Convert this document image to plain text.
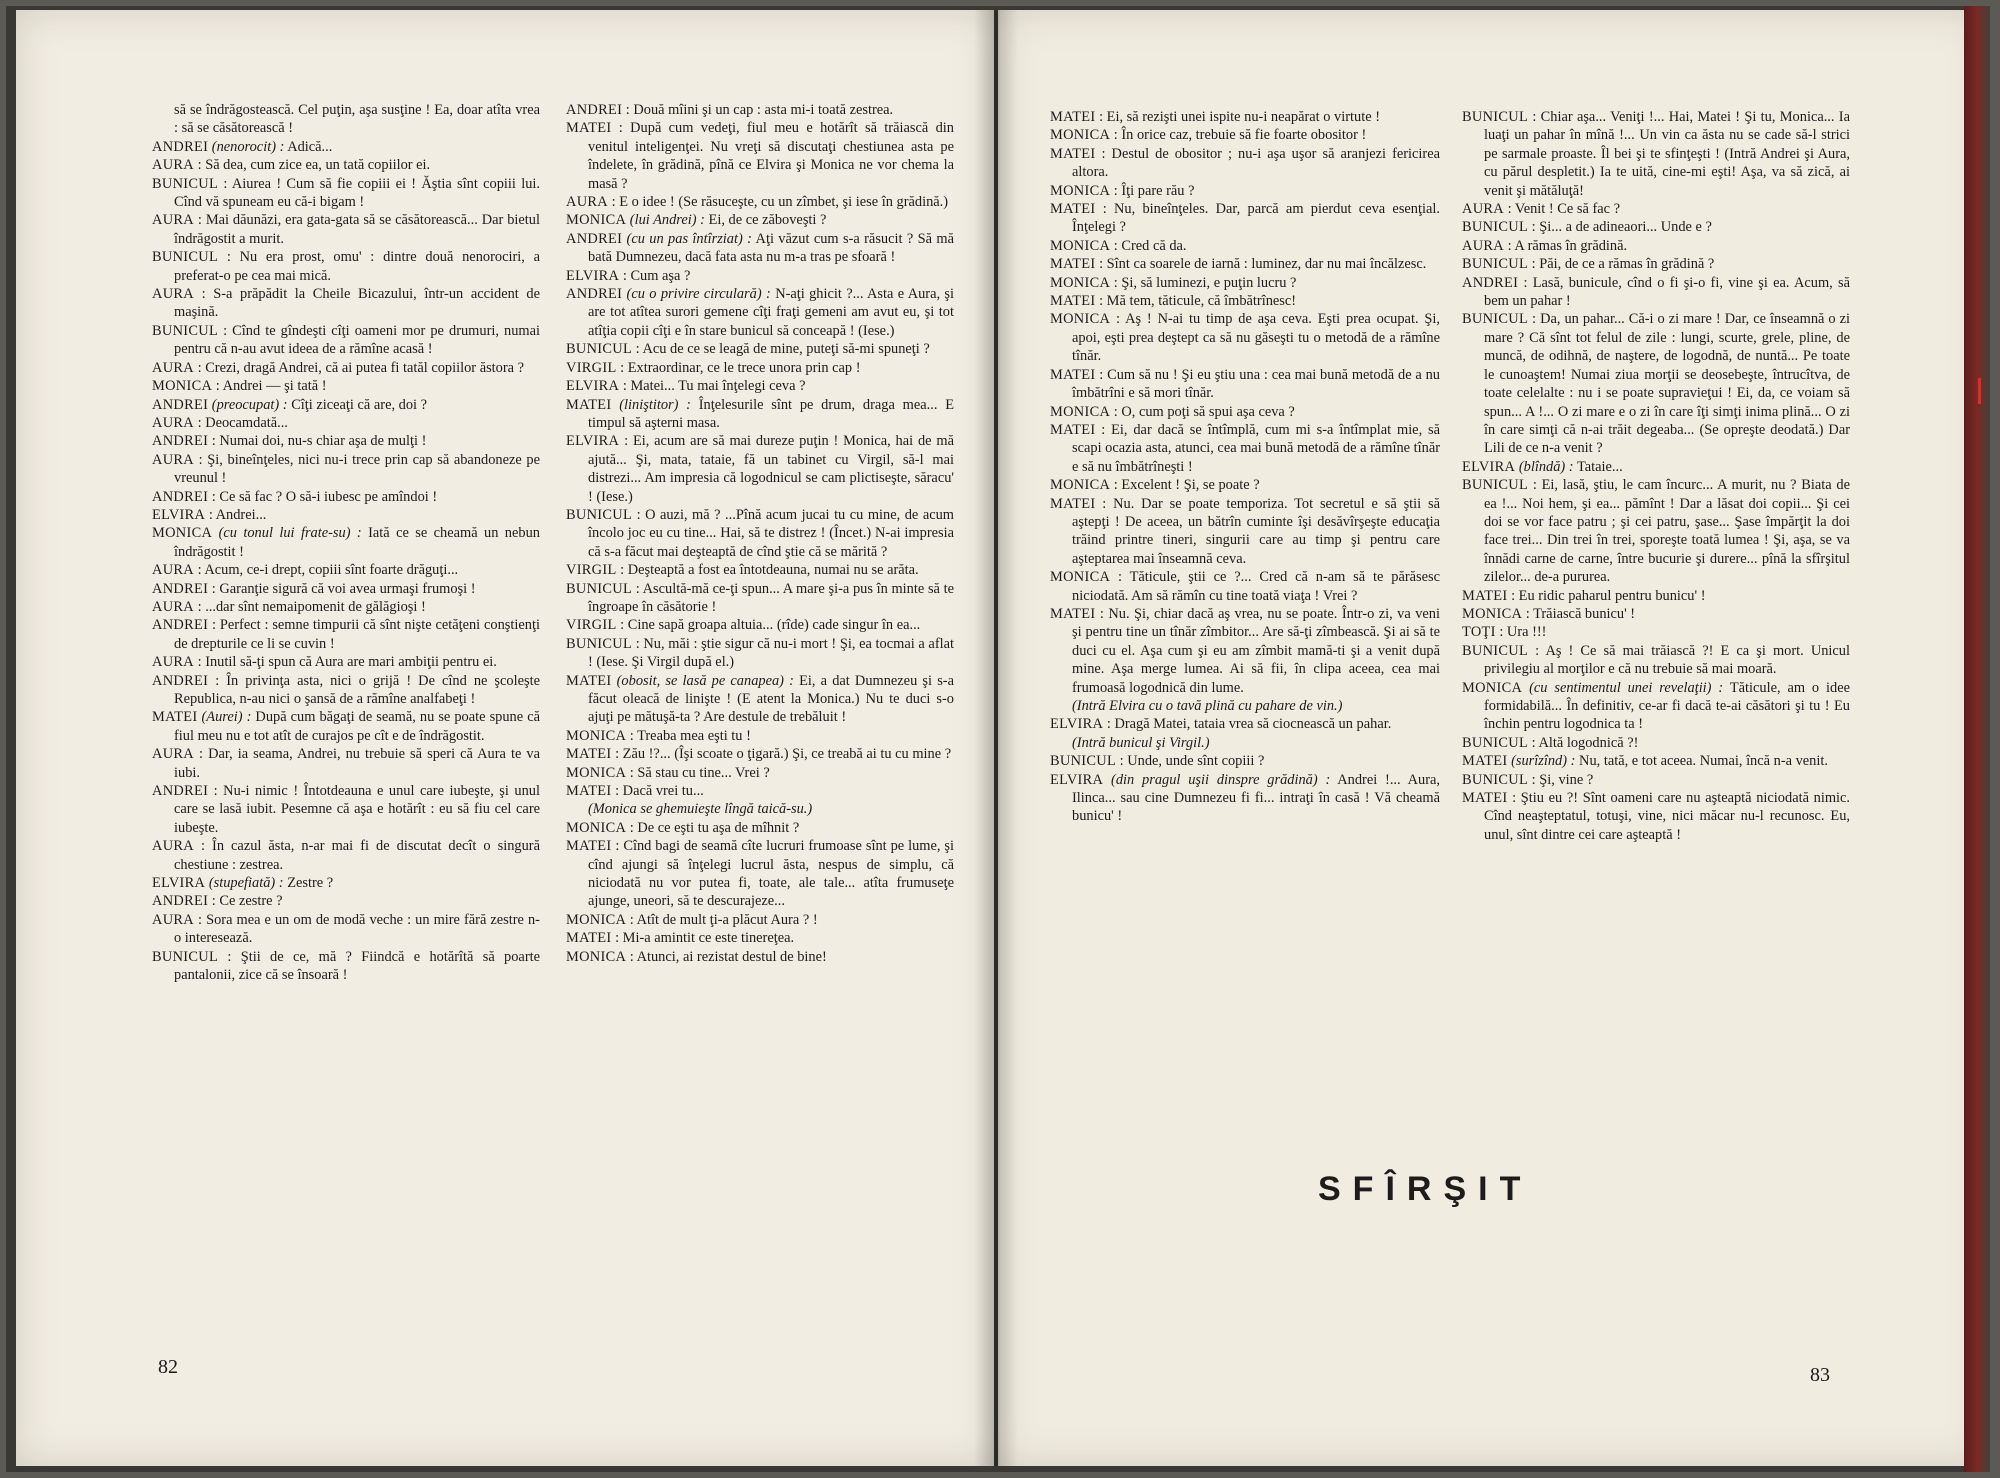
să se îndrăgostească. Cel puţin, aşa susţine ! Ea, doar atîta vrea : să se căsătorească !

ANDREI (nenorocit) : Adică...

AURA : Să dea, cum zice ea, un tată copiilor ei.

BUNICUL : Aiurea ! Cum să fie copiii ei ! Ăştia sînt copiii lui. Cînd vă spuneam eu că-i bigam !

AURA : Mai dăunăzi, era gata-gata să se căsătorească... Dar bietul îndrăgostit a murit.

BUNICUL : Nu era prost, omu' : dintre două nenorociri, a preferat-o pe cea mai mică.

AURA : S-a prăpădit la Cheile Bicazului, într-un accident de maşină.

BUNICUL : Cînd te gîndeşti cîţi oameni mor pe drumuri, numai pentru că n-au avut ideea de a rămîne acasă !

AURA : Crezi, dragă Andrei, că ai putea fi tatăl copiilor ăstora ?

MONICA : Andrei — şi tată !

ANDREI (preocupat) : Cîţi ziceaţi că are, doi ?

AURA : Deocamdată...

ANDREI : Numai doi, nu-s chiar aşa de mulţi !

AURA : Şi, bineînţeles, nici nu-i trece prin cap să abandoneze pe vreunul !

ANDREI : Ce să fac ? O să-i iubesc pe amîndoi !

ELVIRA : Andrei...

MONICA (cu tonul lui frate-su) : Iată ce se cheamă un nebun îndrăgostit !

AURA : Acum, ce-i drept, copiii sînt foarte drăguţi...

ANDREI : Garanţie sigură că voi avea urmaşi frumoşi !

AURA : ...dar sînt nemaipomenit de gălăgioşi !

ANDREI : Perfect : semne timpurii că sînt nişte cetăţeni conştienţi de drepturile ce li se cuvin !

AURA : Inutil să-ţi spun că Aura are mari ambiţii pentru ei.

ANDREI : În privinţa asta, nici o grijă ! De cînd ne şcoleşte Republica, n-au nici o şansă de a rămîne analfabeţi !

MATEI (Aurei) : După cum băgaţi de seamă, nu se poate spune că fiul meu nu e tot atît de curajos pe cît e de îndrăgostit.

AURA : Dar, ia seama, Andrei, nu trebuie să speri că Aura te va iubi.

ANDREI : Nu-i nimic ! Întotdeauna e unul care iubeşte, şi unul care se lasă iubit. Pesemne că aşa e hotărît : eu să fiu cel care iubeşte.

AURA : În cazul ăsta, n-ar mai fi de discutat decît o singură chestiune : zestrea.

ELVIRA (stupefiată) : Zestre ?

ANDREI : Ce zestre ?

AURA : Sora mea e un om de modă veche : un mire fără zestre n-o interesează.

BUNICUL : Ştii de ce, mă ? Fiindcă e hotărîtă să poarte pantalonii, zice că se însoară !

ANDREI : Două mîini şi un cap : asta mi-i toată zestrea.

MATEI : După cum vedeţi, fiul meu e hotărît să trăiască din venitul inteligenţei. Nu vreţi să discutaţi chestiunea asta pe îndelete, în grădină, pînă ce Elvira şi Monica ne vor chema la masă ?

AURA : E o idee ! (Se răsuceşte, cu un zîmbet, şi iese în grădină.)

MONICA (lui Andrei) : Ei, de ce zăboveşti ?

ANDREI (cu un pas întîrziat) : Aţi văzut cum s-a răsucit ? Să mă bată Dumnezeu, dacă fata asta nu m-a tras pe sfoară !

ELVIRA : Cum aşa ?

ANDREI (cu o privire circulară) : N-aţi ghicit ?... Asta e Aura, şi are tot atîtea surori gemene cîţi fraţi gemeni am avut eu, şi tot atîţia copii cîţi e în stare bunicul să conceapă ! (Iese.)

BUNICUL : Acu de ce se leagă de mine, puteţi să-mi spuneţi ?

VIRGIL : Extraordinar, ce le trece unora prin cap !

ELVIRA : Matei... Tu mai înţelegi ceva ?

MATEI (liniştitor) : Înţelesurile sînt pe drum, draga mea... E timpul să aşterni masa.

ELVIRA : Ei, acum are să mai dureze puţin ! Monica, hai de mă ajută... Şi, mata, tataie, fă un tabinet cu Virgil, să-l mai distrezi... Am impresia că logodnicul se cam plictiseşte, săracu' ! (Iese.)

BUNICUL : O auzi, mă ? ...Pînă acum jucai tu cu mine, de acum încolo joc eu cu tine... Hai, să te distrez ! (Încet.) N-ai impresia că s-a făcut mai deşteaptă de cînd ştie că se mărită ?

VIRGIL : Deşteaptă a fost ea întotdeauna, numai nu se arăta.

BUNICUL : Ascultă-mă ce-ţi spun... A mare şi-a pus în minte să te îngroape în căsătorie !

VIRGIL : Cine sapă groapa altuia... (rîde) cade singur în ea...

BUNICUL : Nu, măi : ştie sigur că nu-i mort ! Şi, ea tocmai a aflat ! (Iese. Şi Virgil după el.)

MATEI (obosit, se lasă pe canapea) : Ei, a dat Dumnezeu şi s-a făcut oleacă de linişte ! (E atent la Monica.) Nu te duci s-o ajuţi pe mătuşă-ta ? Are destule de trebăluit !

MONICA : Treaba mea eşti tu !

MATEI : Zău !?... (Îşi scoate o ţigară.) Şi, ce treabă ai tu cu mine ?

MONICA : Să stau cu tine... Vrei ?

MATEI : Dacă vrei tu...

(Monica se ghemuieşte lîngă taică-su.)

MONICA : De ce eşti tu aşa de mîhnit ?

MATEI : Cînd bagi de seamă cîte lucruri frumoase sînt pe lume, şi cînd ajungi să înţelegi lucrul ăsta, nespus de simplu, că niciodată nu vor putea fi, toate, ale tale... atîta frumuseţe ajunge, uneori, să te descurajeze...

MONICA : Atît de mult ţi-a plăcut Aura ? !

MATEI : Mi-a amintit ce este tinereţea.

MONICA : Atunci, ai rezistat destul de bine!

MATEI : Ei, să rezişti unei ispite nu-i neapărat o virtute !

MONICA : În orice caz, trebuie să fie foarte obositor !

MATEI : Destul de obositor ; nu-i aşa uşor să aranjezi fericirea altora.

MONICA : Îţi pare rău ?

MATEI : Nu, bineînţeles. Dar, parcă am pierdut ceva esenţial. Înţelegi ?

MONICA : Cred că da.

MATEI : Sînt ca soarele de iarnă : luminez, dar nu mai încălzesc.

MONICA : Şi, să luminezi, e puţin lucru ?

MATEI : Mă tem, tăticule, că îmbătrînesc!

MONICA : Aş ! N-ai tu timp de aşa ceva. Eşti prea ocupat. Şi, apoi, eşti prea deştept ca să nu găseşti tu o metodă de a rămîne tînăr.

MATEI : Cum să nu ! Şi eu ştiu una : cea mai bună metodă de a nu îmbătrîni e să mori tînăr.

MONICA : O, cum poţi să spui aşa ceva ?

MATEI : Ei, dar dacă se întîmplă, cum mi s-a întîmplat mie, să scapi ocazia asta, atunci, cea mai bună metodă de a rămîne tînăr e să nu îmbătrîneşti !

MONICA : Excelent ! Şi, se poate ?

MATEI : Nu. Dar se poate temporiza. Tot secretul e să ştii să aştepţi ! De aceea, un bătrîn cuminte îşi desăvîrşeşte educaţia trăind printre tineri, singurii care au timp şi pentru care aşteptarea mai înseamnă ceva.

MONICA : Tăticule, ştii ce ?... Cred că n-am să te părăsesc niciodată. Am să rămîn cu tine toată viaţa ! Vrei ?

MATEI : Nu. Şi, chiar dacă aş vrea, nu se poate. Într-o zi, va veni şi pentru tine un tînăr zîmbitor... Are să-ţi zîmbească. Şi ai să te duci cu el. Aşa cum şi eu am zîmbit mamă-ti şi a venit după mine. Aşa merge lumea. Ai să fii, în clipa aceea, cea mai frumoasă logodnică din lume.

(Intră Elvira cu o tavă plină cu pahare de vin.)

ELVIRA : Dragă Matei, tataia vrea să ciocnească un pahar.

(Intră bunicul şi Virgil.)

BUNICUL : Unde, unde sînt copiii ?

ELVIRA (din pragul uşii dinspre grădină) : Andrei !... Aura, Ilinca... sau cine Dumnezeu fi fi... intraţi în casă ! Vă cheamă bunicu' !

BUNICUL : Chiar aşa... Veniţi !... Hai, Matei ! Şi tu, Monica... Ia luaţi un pahar în mînă !... Un vin ca ăsta nu se cade să-l strici pe sarmale proaste. Îl bei şi te sfinţeşti ! (Intră Andrei şi Aura, cu părul despletit.) Ia te uită, cine-mi eşti! Aşa, va să zică, ai venit şi mătăluţă!

AURA : Venit ! Ce să fac ?

BUNICUL : Şi... a de adineaori... Unde e ?

AURA : A rămas în grădină.

BUNICUL : Păi, de ce a rămas în grădină ?

ANDREI : Lasă, bunicule, cînd o fi şi-o fi, vine şi ea. Acum, să bem un pahar !

BUNICUL : Da, un pahar... Că-i o zi mare ! Dar, ce înseamnă o zi mare ? Că sînt tot felul de zile : lungi, scurte, grele, pline, de muncă, de odihnă, de naştere, de logodnă, de nuntă... Pe toate le cunoaştem! Numai ziua morţii se deosebeşte, întrucîtva, de toate celelalte : nu i se poate supravieţui ! Ei, da, ce voiam să spun... A !... O zi mare e o zi în care îţi simţi inima plină... O zi în care simţi că n-ai trăit degeaba... (Se opreşte deodată.) Dar Lili de ce n-a venit ?

ELVIRA (blîndă) : Tataie...

BUNICUL : Ei, lasă, ştiu, le cam încurc... A murit, nu ? Biata de ea !... Noi hem, şi ea... pămînt ! Dar a lăsat doi copii... Şi cei doi se vor face patru ; şi cei patru, şase... Şase împărţit la doi face trei... Din trei în trei, sporeşte toată lumea ! Şi, aşa, se va înnădi carne de carne, între bucurie şi durere... pînă la sfîrşitul zilelor... de-a pururea.

MATEI : Eu ridic paharul pentru bunicu' !

MONICA : Trăiască bunicu' !

TOŢI : Ura !!!

BUNICUL : Aş ! Ce să mai trăiască ?! E ca şi mort. Unicul privilegiu al morţilor e că nu trebuie să mai moară.

MONICA (cu sentimentul unei revelaţii) : Tăticule, am o idee formidabilă... În definitiv, ce-ar fi dacă te-ai căsători şi tu ! Eu închin pentru logodnica ta !

BUNICUL : Altă logodnică ?!

MATEI (surîzînd) : Nu, tată, e tot aceea. Numai, încă n-a venit.

BUNICUL : Şi, vine ?

MATEI : Ştiu eu ?! Sînt oameni care nu aşteaptă niciodată nimic. Cînd neaşteptatul, totuşi, vine, nici măcar nu-l recunosc. Eu, unul, sînt dintre cei care aşteaptă !

SFÎRŞIT
82	83
